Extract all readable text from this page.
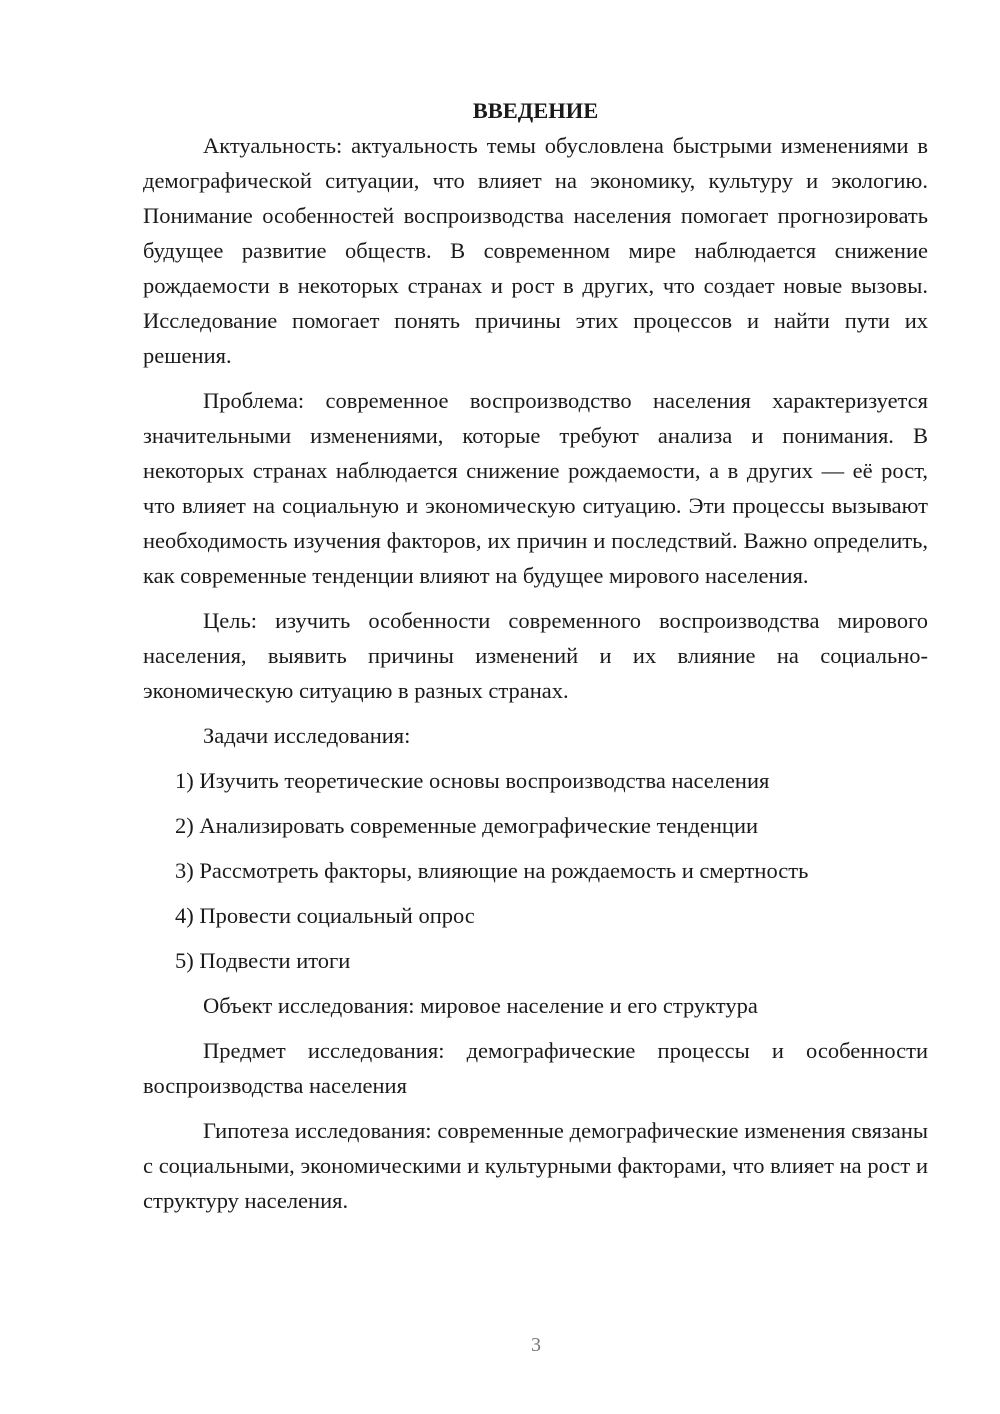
ВВЕДЕНИЕ

Актуальность: актуальность темы обусловлена быстрыми изменениями в демографической ситуации, что влияет на экономику, культуру и экологию. Понимание особенностей воспроизводства населения помогает прогнозировать будущее развитие обществ. В современном мире наблюдается снижение рождаемости в некоторых странах и рост в других, что создает новые вызовы. Исследование помогает понять причины этих процессов и найти пути их решения.

Проблема: современное воспроизводство населения характеризуется значительными изменениями, которые требуют анализа и понимания. В некоторых странах наблюдается снижение рождаемости, а в других — её рост, что влияет на социальную и экономическую ситуацию. Эти процессы вызывают необходимость изучения факторов, их причин и последствий. Важно определить, как современные тенденции влияют на будущее мирового населения.

Цель: изучить особенности современного воспроизводства мирового населения, выявить причины изменений и их влияние на социально-экономическую ситуацию в разных странах.

Задачи исследования:

1) Изучить теоретические основы воспроизводства населения

2) Анализировать современные демографические тенденции

3) Рассмотреть факторы, влияющие на рождаемость и смертность

4) Провести социальный опрос

5) Подвести итоги

Объект исследования: мировое население и его структура

Предмет исследования: демографические процессы и особенности воспроизводства населения

Гипотеза исследования: современные демографические изменения связаны с социальными, экономическими и культурными факторами, что влияет на рост и структуру населения.

3
